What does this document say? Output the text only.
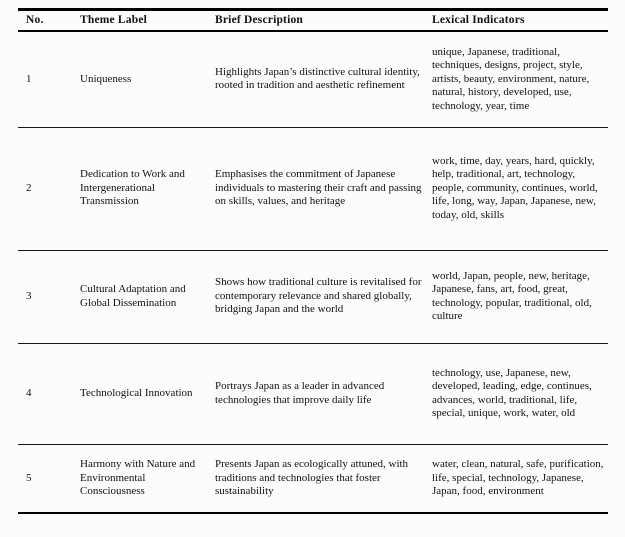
No.	Theme Label	Brief Description	Lexical Indicators
1	Uniqueness	Highlights Japan’s distinctive cultural identity, rooted in tradition and aesthetic refinement	unique, Japanese, traditional, techniques, designs, project, style, artists, beauty, environment, nature, natural, history, developed, use, technology, year, time
2	Dedication to Work and Intergenerational Transmission	Emphasises the commitment of Japanese individuals to mastering their craft and passing on skills, values, and heritage	work, time, day, years, hard, quickly, help, traditional, art, technology, people, community, continues, world, life, long, way, Japan, Japanese, new, today, old, skills
3	Cultural Adaptation and Global Dissemination	Shows how traditional culture is revitalised for contemporary relevance and shared globally, bridging Japan and the world	world, Japan, people, new, heritage, Japanese, fans, art, food, great, technology, popular, traditional, old, culture
4	Technological Innovation	Portrays Japan as a leader in advanced technologies that improve daily life	technology, use, Japanese, new, developed, leading, edge, continues, advances, world, traditional, life, special, unique, work, water, old
5	Harmony with Nature and Environmental Consciousness	Presents Japan as ecologically attuned, with traditions and technologies that foster sustainability	water, clean, natural, safe, purification, life, special, technology, Japanese, Japan, food, environment
